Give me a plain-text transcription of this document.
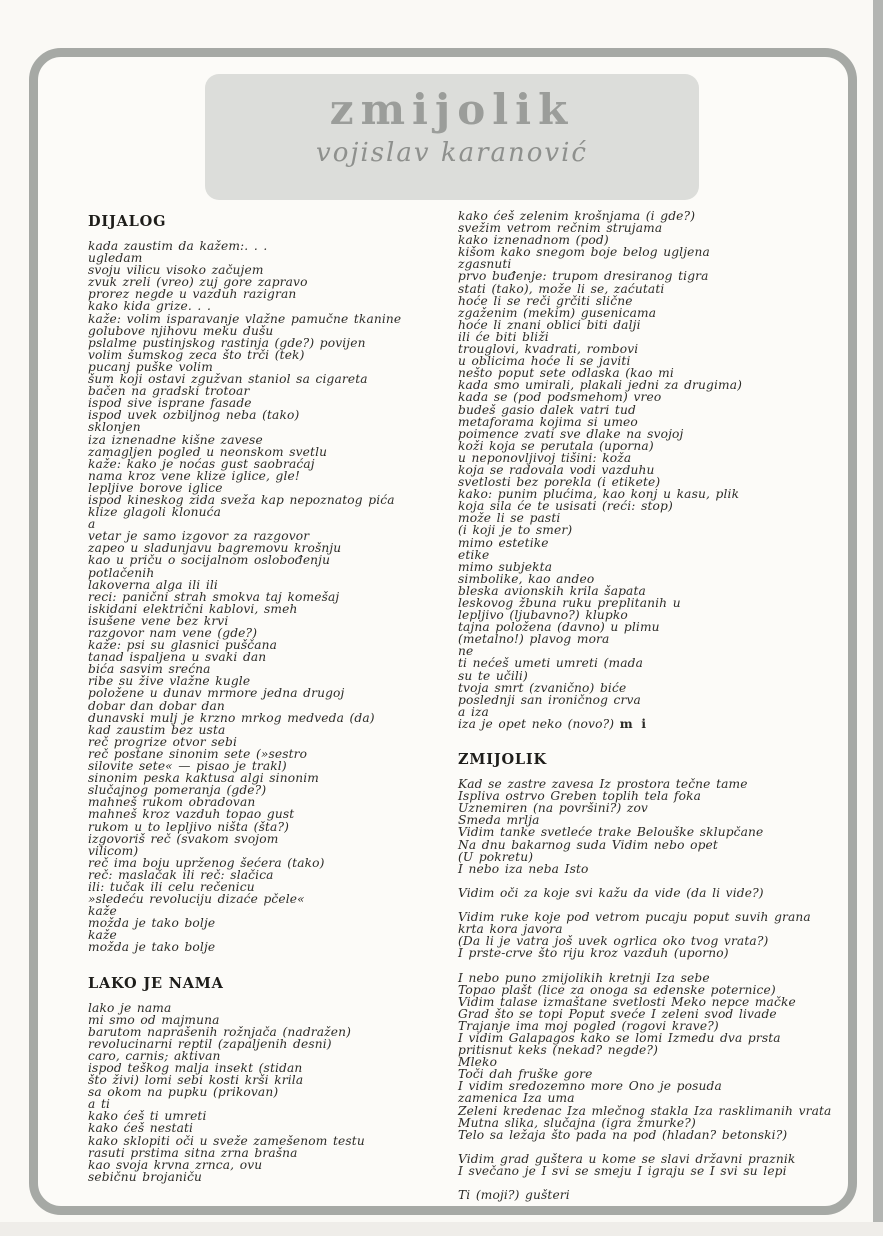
zmijolik
vojislav karanović
DIJALOG
kada zaustim da kažem:. . .
ugledam
svoju vilicu visoko začujem
zvuk zreli (vreo) zuj gore zapravo
prorez negde u vazduh razigran
kako kida grize. . .
kaže: volim isparavanje vlažne pamučne tkanine
golubove njihovu meku dušu
pslalme pustinjskog rastinja (gde?) povijen
volim šumskog zeca što trči (tek)
pucanj puške volim
šum koji ostavi zgužvan staniol sa cigareta
bačen na gradski trotoar
ispod sive isprane fasade
ispod uvek ozbiljnog neba (tako)
sklonjen
iza iznenadne kišne zavese
zamagljen pogled u neonskom svetlu
kaže: kako je noćas gust saobraćaj
nama kroz vene klize iglice, gle!
lepljive borove iglice
ispod kineskog zida sveža kap nepoznatog pića
klize glagoli klonuća
a
vetar je samo izgovor za razgovor
zapeo u sladunjavu bagremovu krošnju
kao u priču o socijalnom oslobođenju
potlačenih
lakoverna alga ili ili
reci: panični strah smokva taj komešaj
iskidani električni kablovi, smeh
isušene vene bez krvi
razgovor nam vene (gde?)
kaže: psi su glasnici puščana
tanad ispaljena u svaki dan
bića sasvim srećna
ribe su žive vlažne kugle
položene u dunav mrmore jedna drugoj
dobar dan dobar dan
dunavski mulj je krzno mrkog medveda (da)
kad zaustim bez usta
reč progrize otvor sebi
reč postane sinonim sete (»sestro
silovite sete« — pisao je trakl)
sinonim peska kaktusa algi sinonim
slučajnog pomeranja (gde?)
mahneš rukom obradovan
mahneš kroz vazduh topao gust
rukom u to lepljivo ništa (šta?)
izgovoriš reč (svakom svojom
vilicom)
reč ima boju uprženog šećera (tako)
reč: maslačak ili reč: slačica
ili: tučak ili celu rečenicu
»sledeću revoluciju dizaće pčele«
kaže
možda je tako bolje
kaže
možda je tako bolje
LAKO JE NAMA
lako je nama
mi smo od majmuna
barutom naprašenih rožnjača (nadražen)
revolucinarni reptil (zapaljenih desni)
caro, carnis; aktivan
ispod teškog malja insekt (stidan
što živi) lomi sebi kosti krši krila
sa okom na pupku (prikovan)
a ti
kako ćeš ti umreti
kako ćeš nestati
kako sklopiti oči u sveže zamešenom testu
rasuti prstima sitna zrna brašna
kao svoja krvna zrnca, ovu
sebičnu brojaniču
kako ćeš zelenim krošnjama (i gde?)
svežim vetrom rečnim strujama
kako iznenadnom (pod)
kišom kako snegom boje belog ugljena
zgasnuti
prvo buđenje: trupom dresiranog tigra
stati (tako), može li se, zaćutati
hoće li se reči grčiti slične
zgaženim (mekim) gusenicama
hoće li znani oblici biti dalji
ili će biti bliži
trouglovi, kvadrati, rombovi
u oblicima hoće li se javiti
nešto poput sete odlaska (kao mi
kada smo umirali, plakali jedni za drugima)
kada se (pod podsmehom) vreo
budeš gasio dalek vatri tud
metaforama kojima si umeo
poimence zvati sve dlake na svojoj
koži koja se perutala (uporna)
u neponovljivoj tišini: koža
koja se radovala vodi vazduhu
svetlosti bez porekla (i etikete)
kako: punim plućima, kao konj u kasu, plik
koja sila će te usisati (reći: stop)
može li se pasti
(i koji je to smer)
mimo estetike
etike
mimo subjekta
simbolike, kao andeo
bleska avionskih krila šapata
leskovog žbuna ruku preplitanih u
lepljivo (ljubavno?) klupko
tajna položena (davno) u plimu
(metalno!) plavog mora
ne
ti nećeš umeti umreti (mada
su te učili)
tvoja smrt (zvanično) biće
poslednji san ironičnog crva
a iza
iza je opet neko (novo?) m i
ZMIJOLIK
Kad se zastre zavesa Iz prostora tečne tame
Ispliva ostrvo Greben toplih tela foka
Uznemiren (na površini?) zov
Smeda mrlja
Vidim tanke svetleće trake Belouške sklupčane
Na dnu bakarnog suda Vidim nebo opet
(U pokretu)
I nebo iza neba Isto
Vidim oči za koje svi kažu da vide (da li vide?)
Vidim ruke koje pod vetrom pucaju poput suvih grana
krta kora javora
(Da li je vatra još uvek ogrlica oko tvog vrata?)
I prste-crve što riju kroz vazduh (uporno)
I nebo puno zmijolikih kretnji Iza sebe
Topao plašt (lice za onoga sa edenske poternice)
Vidim talase izmaštane svetlosti Meko nepce mačke
Grad što se topi Poput sveće I zeleni svod livade
Trajanje ima moj pogled (rogovi krave?)
I vidim Galapagos kako se lomi Izmedu dva prsta
pritisnut keks (nekad? negde?)
Mleko
Toči dah fruške gore
I vidim sredozemno more Ono je posuda
zamenica Iza uma
Zeleni kredenac Iza mlečnog stakla Iza rasklimanih vrata
Mutna slika, slučajna (igra žmurke?)
Telo sa ležaja što pada na pod (hladan? betonski?)
Vidim grad guštera u kome se slavi državni praznik
I svečano je I svi se smeju I igraju se I svi su lepi
Ti (moji?) gušteri
